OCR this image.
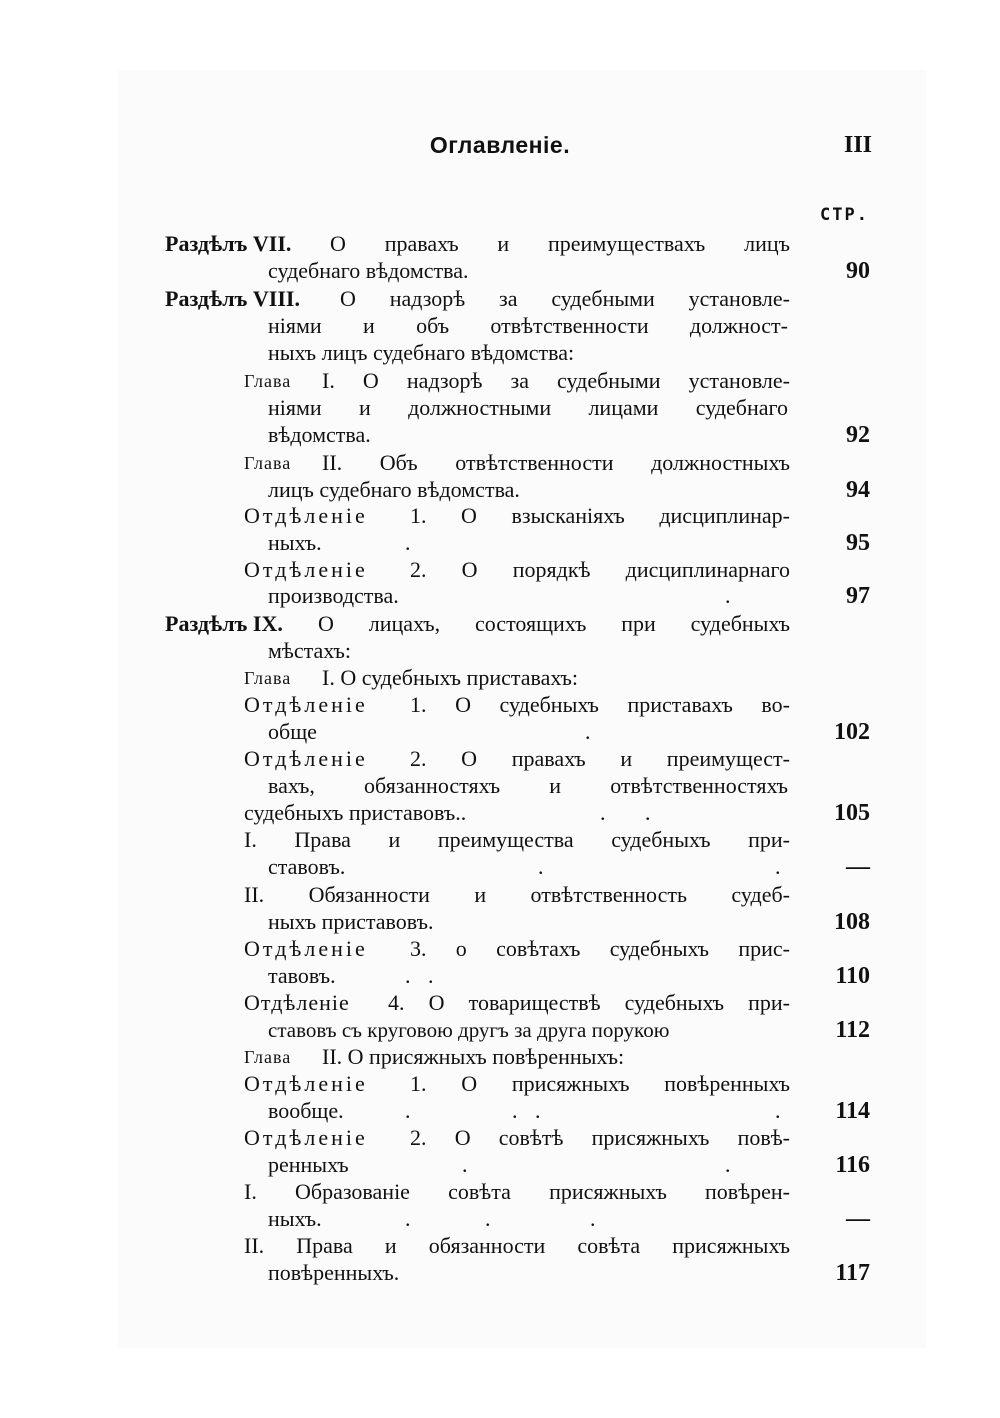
Оглавленіе.	III
СТР.
Раздѣлъ VII. О правахъ и преимуществахъ лицъ
судебнаго вѣдомства.	90
Раздѣлъ VIII. О надзорѣ за судебными установле-
ніями и объ отвѣтственности должност-
ныхъ лицъ судебнаго вѣдомства:
Глава I. О надзорѣ за судебными установле-
ніями и должностными лицами судебнаго
вѣдомства.	92
Глава II. Объ отвѣтственности должностныхъ
лицъ судебнаго вѣдомства.	94
Отдѣленіе 1. О взысканіяхъ дисциплинар-
ныхъ.	.	95
Отдѣленіе 2. О порядкѣ дисциплинарнаго
производства.	.	97
Раздѣлъ IX. О лицахъ, состоящихъ при судебныхъ
мѣстахъ:
Глава I. О судебныхъ приставахъ:
Отдѣленіе 1. О судебныхъ приставахъ во-
обще	.	102
Отдѣленіе 2. О правахъ и преимущест-
вахъ, обязанностяхъ и отвѣтственностяхъ
судебныхъ приставовъ..	. .	105
I. Права и преимущества судебныхъ при-
ставовъ.	.	.	—
II. Обязанности и отвѣтственность судеб-
ныхъ приставовъ.	108
Отдѣленіе 3. о совѣтахъ судебныхъ прис-
тавовъ.	. .	110
Отдѣленіе 4. О товариществѣ судебныхъ при-
ставовъ съ круговою другъ за друга порукою	112
Глава II. О присяжныхъ повѣренныхъ:
Отдѣленіе 1. О присяжныхъ повѣренныхъ
вообще.	.	. .	.	114
Отдѣленіе 2. О совѣтѣ присяжныхъ повѣ-
ренныхъ	.	.	116
I. Образованіе совѣта присяжныхъ повѣрен-
ныхъ.	.	.	.	—
II. Права и обязанности совѣта присяжныхъ
повѣренныхъ.	117
